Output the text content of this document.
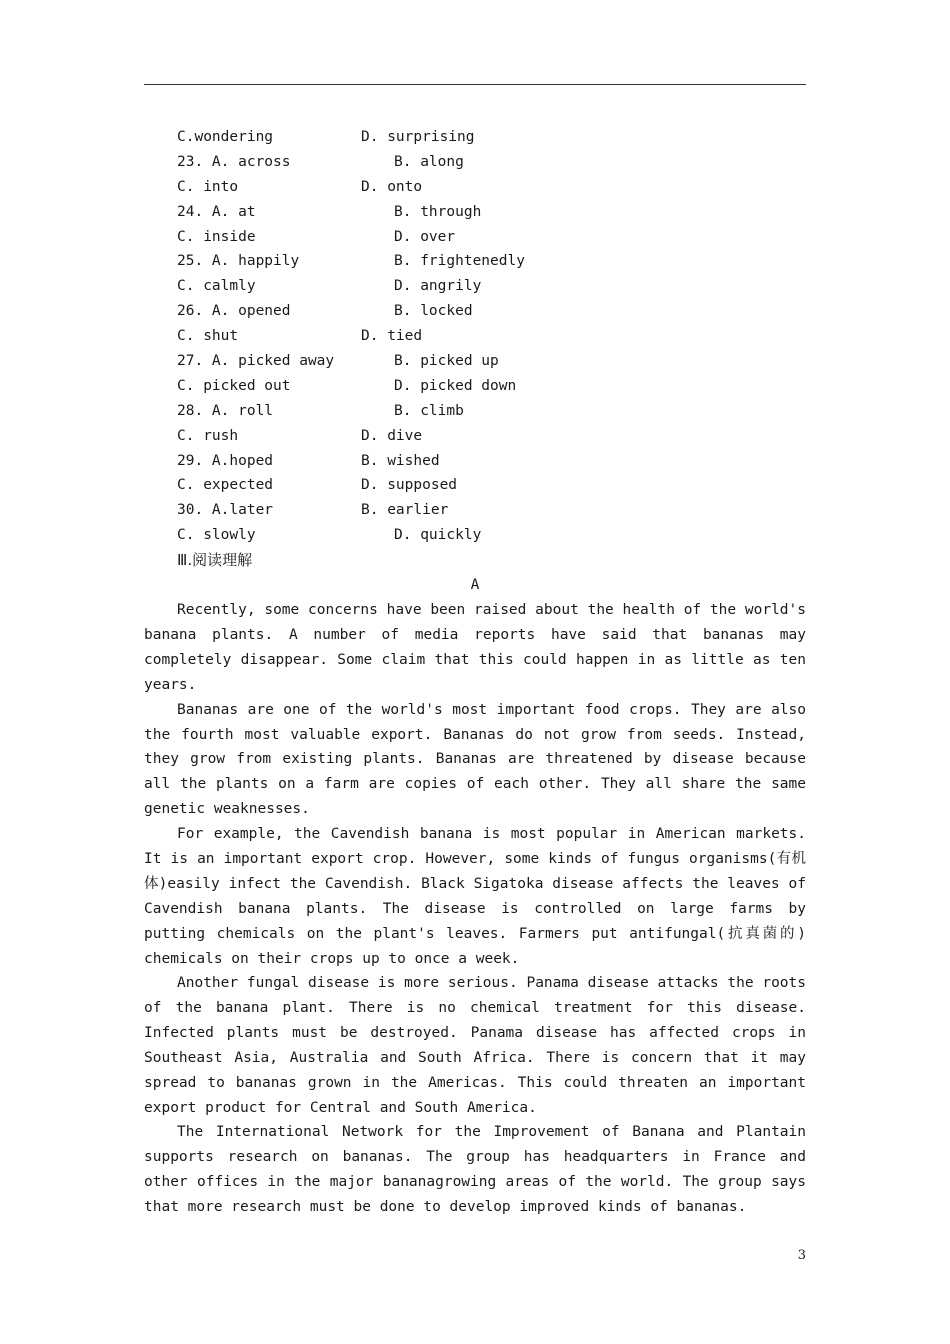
C.wondering	D. surprising
23. A. across	B. along
C. into	D. onto
24. A. at	B. through
C. inside	D. over
25. A. happily	B. frightenedly
C. calmly	D. angrily
26. A. opened	B. locked
C. shut	D. tied
27. A. picked away	B. picked up
C. picked out	D. picked down
28. A. roll	B. climb
C. rush	D. dive
29. A.hoped	B. wished
C. expected	D. supposed
30. A.later	B. earlier
C. slowly	D. quickly
Ⅲ.阅读理解
A

Recently, some concerns have been raised about the health of the world's banana plants. A number of media reports have said that bananas may completely disappear. Some claim that this could happen in as little as ten years.

Bananas are one of the world's most important food crops. They are also the fourth most valuable export. Bananas do not grow from seeds. Instead, they grow from existing plants. Bananas are threatened by disease because all the plants on a farm are copies of each other. They all share the same genetic weaknesses.

For example, the Cavendish banana is most popular in American markets. It is an important export crop. However, some kinds of fungus organisms(有机体)easily infect the Cavendish. Black Sigatoka disease affects the leaves of Cavendish banana plants. The disease is controlled on large farms by putting chemicals on the plant's leaves. Farmers put antifungal(抗真菌的) chemicals on their crops up to once a week.

Another fungal disease is more serious. Panama disease attacks the roots of the banana plant. There is no chemical treatment for this disease. Infected plants must be destroyed. Panama disease has affected crops in Southeast Asia, Australia and South Africa. There is concern that it may spread to bananas grown in the Americas. This could threaten an important export product for Central and South America.

The International Network for the Improvement of Banana and Plantain supports research on bananas. The group has headquarters in France and other offices in the major bananagrowing areas of the world. The group says that more research must be done to develop improved kinds of bananas.

3
